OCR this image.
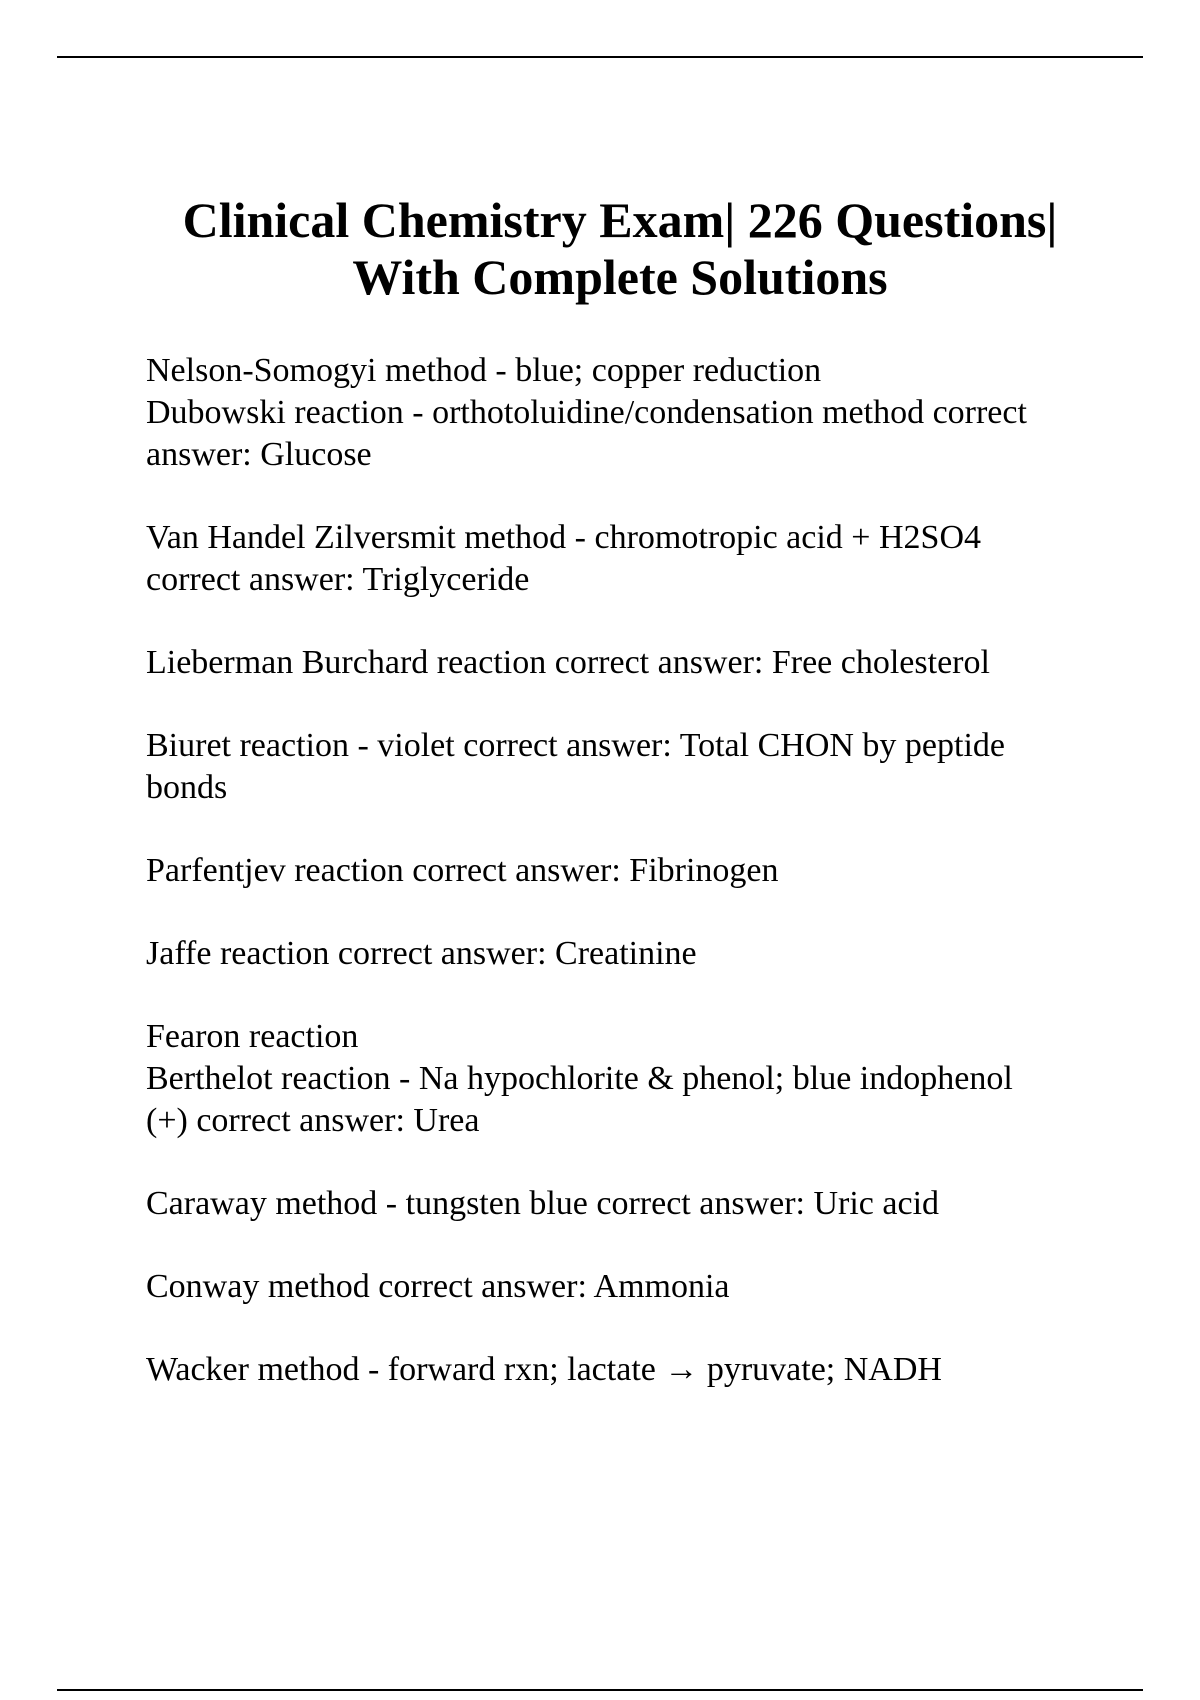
Clinical Chemistry Exam| 226 Questions|
With Complete Solutions
Nelson-Somogyi method - blue; copper reduction
Dubowski reaction - orthotoluidine/condensation method correct
answer: Glucose
Van Handel Zilversmit method - chromotropic acid + H2SO4
correct answer: Triglyceride
Lieberman Burchard reaction correct answer: Free cholesterol
Biuret reaction - violet correct answer: Total CHON by peptide
bonds
Parfentjev reaction correct answer: Fibrinogen
Jaffe reaction correct answer: Creatinine
Fearon reaction
Berthelot reaction - Na hypochlorite & phenol; blue indophenol
(+) correct answer: Urea
Caraway method - tungsten blue correct answer: Uric acid
Conway method correct answer: Ammonia
Wacker method - forward rxn; lactate → pyruvate; NADH
